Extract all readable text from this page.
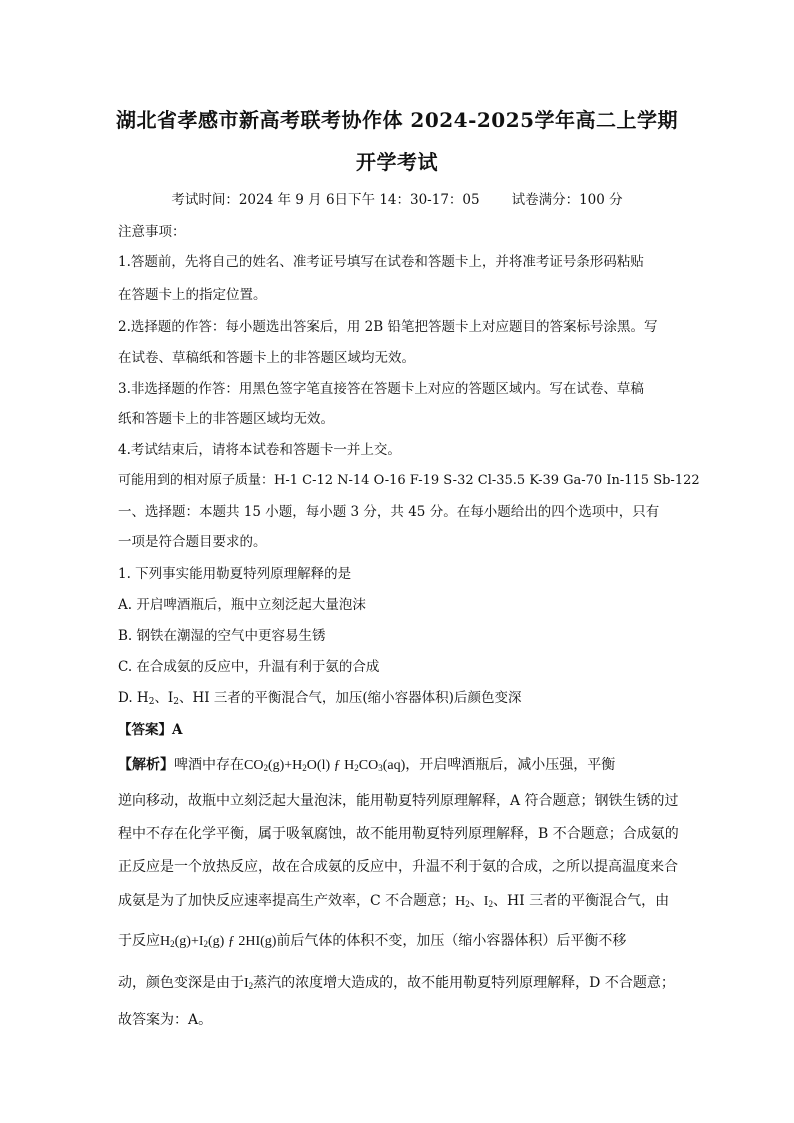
湖北省孝感市新高考联考协作体 2024-2025学年高二上学期
开学考试
考试时间：2024 年 9 月 6日下午 14：30-17：05 试卷满分：100 分
注意事项：
1.答题前，先将自己的姓名、准考证号填写在试卷和答题卡上，并将准考证号条形码粘贴
在答题卡上的指定位置。
2.选择题的作答：每小题选出答案后，用 2B 铅笔把答题卡上对应题目的答案标号涂黑。写
在试卷、草稿纸和答题卡上的非答题区域均无效。
3.非选择题的作答：用黑色签字笔直接答在答题卡上对应的答题区域内。写在试卷、草稿
纸和答题卡上的非答题区域均无效。
4.考试结束后，请将本试卷和答题卡一并上交。
可能用到的相对原子质量：H-1 C-12 N-14 O-16 F-19 S-32 Cl-35.5 K-39 Ga-70 In-115 Sb-122
一、选择题：本题共 15 小题，每小题 3 分，共 45 分。在每小题给出的四个选项中，只有
一项是符合题目要求的。
1. 下列事实能用勒夏特列原理解释的是
A. 开启啤酒瓶后，瓶中立刻泛起大量泡沫
B. 钢铁在潮湿的空气中更容易生锈
C. 在合成氨的反应中，升温有利于氨的合成
D. $H_2$、$I_2$、HI 三者的平衡混合气，加压(缩小容器体积)后颜色变深
【答案】A
【解析】啤酒中存在$CO_2(g)+H_2O(l)$ ƒ $H_2CO_3(aq)$，开启啤酒瓶后，减小压强，平衡
逆向移动，故瓶中立刻泛起大量泡沫，能用勒夏特列原理解释，A 符合题意；钢铁生锈的过
程中不存在化学平衡，属于吸氧腐蚀，故不能用勒夏特列原理解释，B 不合题意；合成氨的
正反应是一个放热反应，故在合成氨的反应中，升温不利于氨的合成，之所以提高温度来合
成氨是为了加快反应速率提高生产效率，C 不合题意；$H_2$、$I_2$、HI 三者的平衡混合气，由
于反应$H_2(g)+I_2(g)$ ƒ 2HI(g)前后气体的体积不变，加压（缩小容器体积）后平衡不移
动，颜色变深是由于$I_2$蒸汽的浓度增大造成的，故不能用勒夏特列原理解释，D 不合题意；
故答案为：A。
